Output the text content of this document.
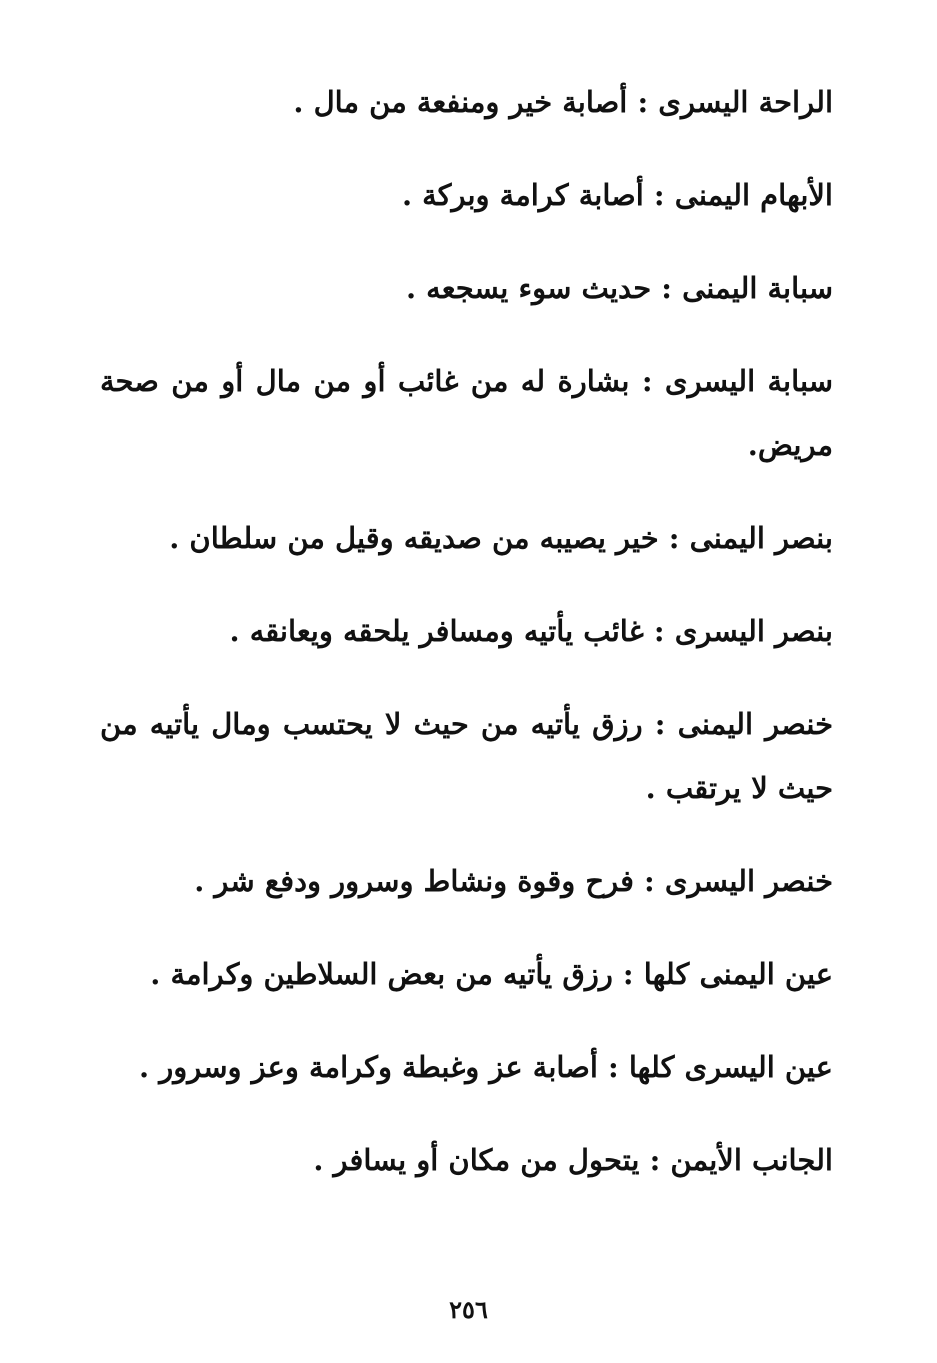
الراحة اليسرى : أصابة خير ومنفعة من مال .
الأبهام اليمنى : أصابة كرامة وبركة .
سبابة اليمنى : حديث سوء يسجعه .
سبابة اليسرى : بشارة له من غائب أو من مال أو من صحة مريض.
بنصر اليمنى : خير يصيبه من صديقه وقيل من سلطان .
بنصر اليسرى : غائب يأتيه ومسافر يلحقه ويعانقه .
خنصر اليمنى : رزق يأتيه من حيث لا يحتسب ومال يأتيه من حيث لا يرتقب .
خنصر اليسرى : فرح وقوة ونشاط وسرور ودفع شر .
عين اليمنى كلها : رزق يأتيه من بعض السلاطين وكرامة .
عين اليسرى كلها : أصابة عز وغبطة وكرامة وعز وسرور .
الجانب الأيمن : يتحول من مكان أو يسافر .
٢٥٦
